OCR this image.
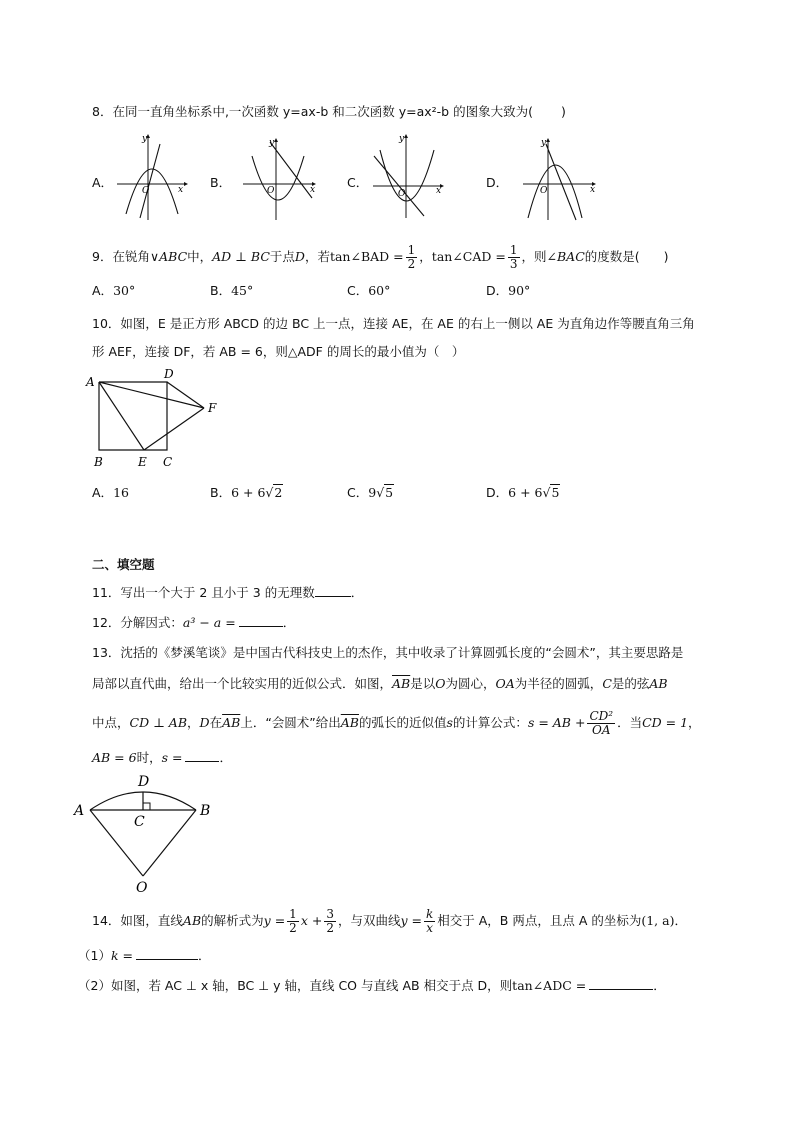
8．在同一直角坐标系中,一次函数 y=ax-b 和二次函数 y=ax²-b 的图象大致为( )
A．	B．	C．	D．
y
x
O
y
x
O
y
x
O
y
x
O
9．在锐角∨ABC中，AD ⊥ BC于点D，若tan∠BAD = $\frac{1}{2}$ ，tan∠CAD = $\frac{1}{3}$ ，则∠BAC的度数是( )
A．30°	B．45°	C．60°	D．90°
10．如图，E 是正方形 ABCD 的边 BC 上一点，连接 AE，在 AE 的右上一侧以 AE 为直角边作等腰直角三角
形 AEF，连接 DF，若 AB = 6，则△ADF 的周长的最小值为（　）
A
D
F
B	E C
A．16	B．6 + 6√2	C．9√5	D．6 + 6√5
二、填空题
11．写出一个大于 2 且小于 3 的无理数	．
12．分解因式：a³ − a =	．
13．沈括的《梦溪笔谈》是中国古代科技史上的杰作，其中收录了计算圆弧长度的“会圆术”，其主要思路是
局部以直代曲，给出一个比较实用的近似公式．如图，$\overline{AB}$是以O为圆心，OA为半径的圆弧，C是的弦AB
中点，CD ⊥ AB，D在$\overline{AB}$上．“会圆术”给出$\overline{AB}$的弧长的近似值s的计算公式：s = AB + $\frac{\text{CD²}}{OA}$ ．当CD = 1，
AB = 6时，s =	．
A	B
D
C
O
14．如图，直线AB的解析式为$y = \frac{1}{2}$ $x + \frac{3}{2}$ ，与双曲线$y = \frac{k}{x}$ 相交于 A，B 两点，且点 A 的坐标为(1, a)．
（1）k =	．
（2）如图，若 AC ⊥ x 轴，BC ⊥ y 轴，直线 CO 与直线 AB 相交于点 D，则tan∠ADC =	．
